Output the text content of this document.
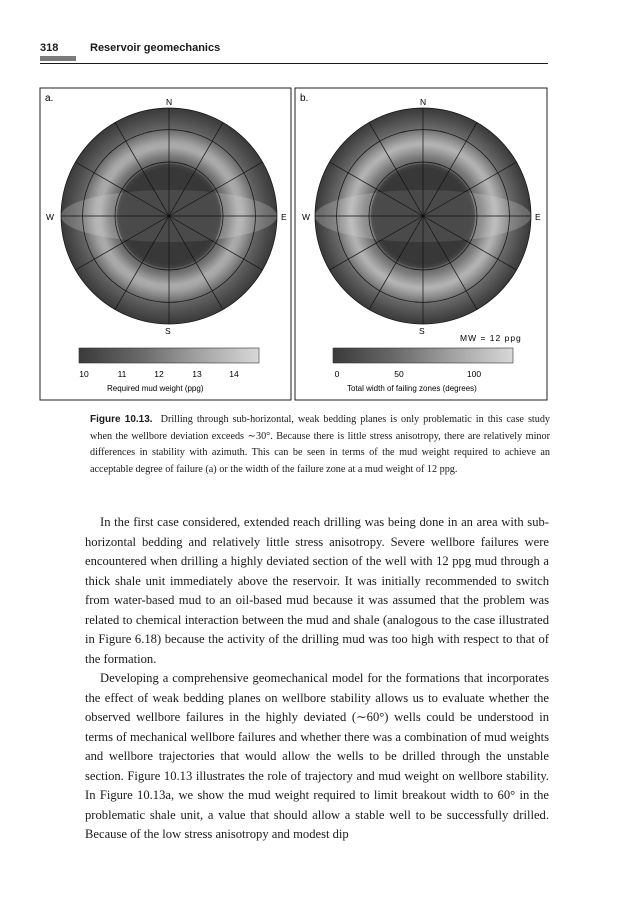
318	Reservoir geomechanics
a.	N
S
W	E
10	11	12	13	14
Required mud weight (ppg)
b.	N
S
W	E
MW = 12 ppg
0	50	100
Total width of failing zones (degrees)
Figure 10.13. Drilling through sub-horizontal, weak bedding planes is only problematic in this case study when the wellbore deviation exceeds ∼30°. Because there is little stress anisotropy, there are relatively minor differences in stability with azimuth. This can be seen in terms of the mud weight required to achieve an acceptable degree of failure (a) or the width of the failure zone at a mud weight of 12 ppg.

In the first case considered, extended reach drilling was being done in an area with sub-horizontal bedding and relatively little stress anisotropy. Severe wellbore failures were encountered when drilling a highly deviated section of the well with 12 ppg mud through a thick shale unit immediately above the reservoir. It was initially recommended to switch from water-based mud to an oil-based mud because it was assumed that the problem was related to chemical interaction between the mud and shale (analogous to the case illustrated in Figure 6.18) because the activity of the drilling mud was too high with respect to that of the formation.

Developing a comprehensive geomechanical model for the formations that incorporates the effect of weak bedding planes on wellbore stability allows us to evaluate whether the observed wellbore failures in the highly deviated (∼60°) wells could be understood in terms of mechanical wellbore failures and whether there was a combination of mud weights and wellbore trajectories that would allow the wells to be drilled through the unstable section. Figure 10.13 illustrates the role of trajectory and mud weight on wellbore stability. In Figure 10.13a, we show the mud weight required to limit breakout width to 60° in the problematic shale unit, a value that should allow a stable well to be successfully drilled. Because of the low stress anisotropy and modest dip
